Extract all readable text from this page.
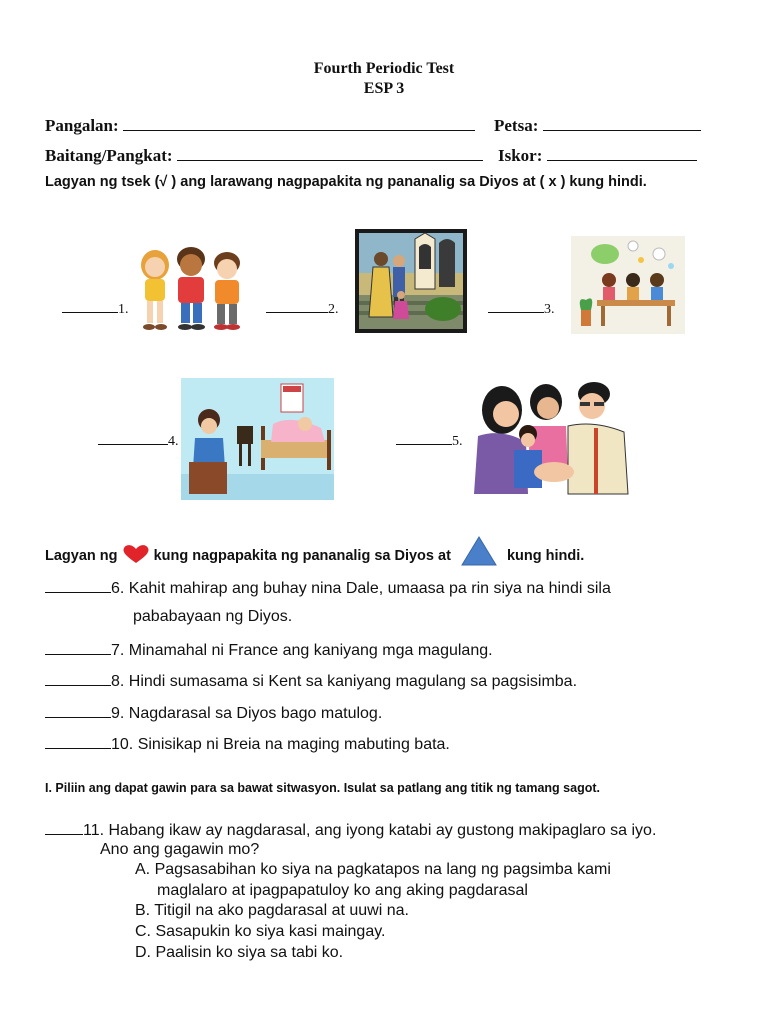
Fourth Periodic Test
ESP 3
Pangalan:	Petsa:
Baitang/Pangkat:	Iskor:
Lagyan ng tsek (√ ) ang larawang nagpapakita ng pananalig sa Diyos at ( x ) kung hindi.
1.	2.	3.
4.	5.
Lagyan ng kung nagpapakita ng pananalig sa Diyos at	kung hindi.
6. Kahit mahirap ang buhay nina Dale, umaasa pa rin siya na hindi sila
pababayaan ng Diyos.
7. Minamahal ni France ang kaniyang mga magulang.
8. Hindi sumasama si Kent sa kaniyang magulang sa pagsisimba.
9. Nagdarasal sa Diyos bago matulog.
10. Sinisikap ni Breia na maging mabuting bata.
I. Piliin ang dapat gawin para sa bawat sitwasyon. Isulat sa patlang ang titik ng tamang sagot.
11. Habang ikaw ay nagdarasal, ang iyong katabi ay gustong makipaglaro sa iyo.
Ano ang gagawin mo?
A. Pagsasabihan ko siya na pagkatapos na lang ng pagsimba kami
maglalaro at ipagpapatuloy ko ang aking pagdarasal
B. Titigil na ako pagdarasal at uuwi na.
C. Sasapukin ko siya kasi maingay.
D. Paalisin ko siya sa tabi ko.
